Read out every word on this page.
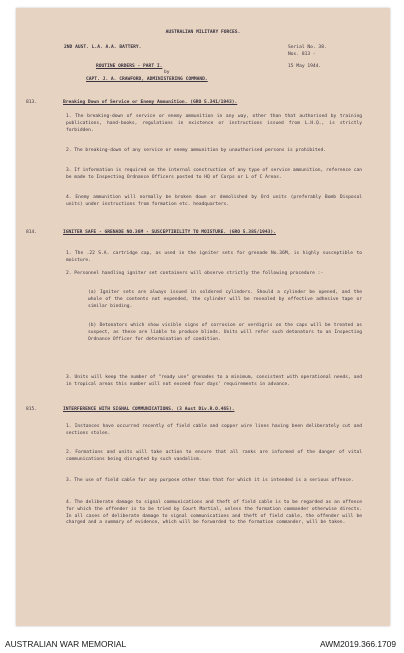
AUSTRALIAN MILITARY FORCES.
2ND AUST. L.A. A.A. BATTERY.	Serial No. 38.
Nos. 813 -
ROUTINE ORDERS - PART I.	15 May 1944.
by
CAPT. J. A. CRAWFORD, ADMINISTERING COMMAND.
813.	Breaking Down of Service or Enemy Ammunition. (GRO 5.341/1943).
1. The breaking-down of service or enemy ammunition in any way, other than that authorised by training publications, hand-books, regulations in existence or instructions issued from L.H.Q., is strictly forbidden.
2. The breaking-down of any service or enemy ammunition by unauthorised persons is prohibited.
3. If information is required on the internal construction of any type of service ammunition, reference can be made to Inspecting Ordnance Officers posted to HQ of Corps or L of C Areas.
4. Enemy ammunition will normally be broken down or demolished by Ord units (preferably Bomb Disposal units) under instructions from formation etc. headquarters.
814.	IGNITER SAFE - GRENADE NO.36M - SUSCEPTIBILITY TO MOISTURE. (GRO 5.385/1943).
1. The .22 S.A. cartridge cap, as used in the igniter sets for grenade No.36M, is highly susceptible to moisture.
2. Personnel handling igniter set containers will observe strictly the following procedure :-
(a) Igniter sets are always issued in soldered cylinders. Should a cylinder be opened, and the whole of the contents not expended, the cylinder will be resealed by effective adhesive tape or similar binding.
(b) Detonators which show visible signs of corrosion or verdigris on the caps will be treated as suspect, as these are liable to produce blinds. Units will refer such detonators to an Inspecting Ordnance Officer for determination of condition.
3. Units will keep the number of "ready use" grenades to a minimum, consistent with operational needs, and in tropical areas this number will not exceed four days' requirements in advance.
815.	INTERFERENCE WITH SIGNAL COMMUNICATIONS. (3 Aust Div.R.O.465).
1. Instances have occurred recently of field cable and copper wire lines having been deliberately cut and sections stolen.
2. Formations and units will take action to ensure that all ranks are informed of the danger of vital communications being disrupted by such vandalism.
3. The use of field cable for any purpose other than that for which it is intended is a serious offence.
4. The deliberate damage to signal communications and theft of field cable is to be regarded as an offence for which the offender is to be tried by Court Martial, unless the formation commander otherwise directs. In all cases of deliberate damage to signal communications and theft of field cable, the offender will be charged and a summary of evidence, which will be forwarded to the formation commander, will be taken.
AUSTRALIAN WAR MEMORIAL	AWM2019.366.1709
